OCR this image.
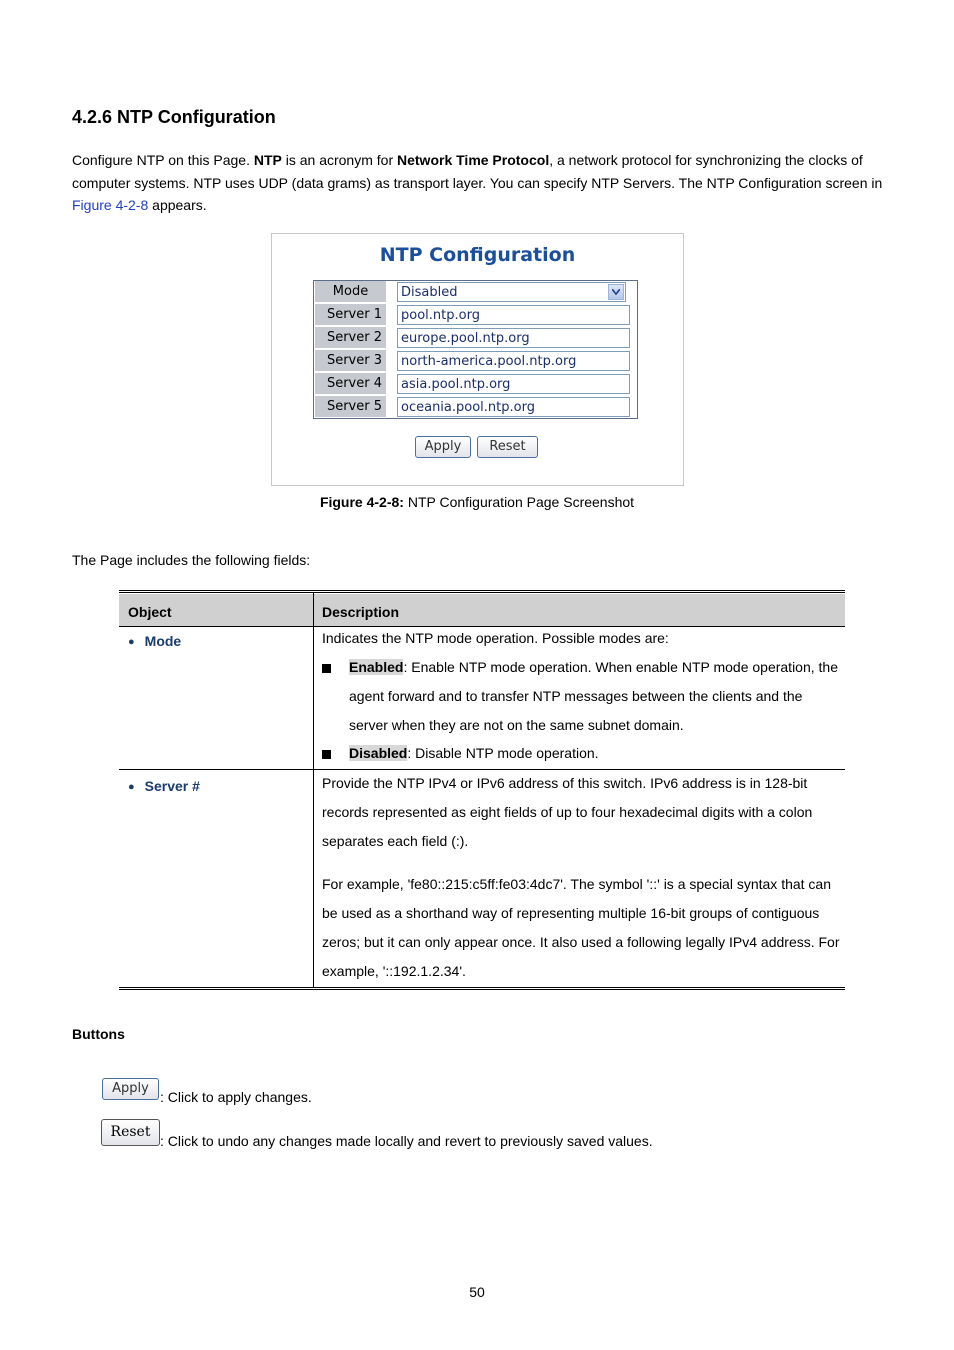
4.2.6 NTP Configuration
Configure NTP on this Page. NTP is an acronym for Network Time Protocol, a network protocol for synchronizing the clocks of computer systems. NTP uses UDP (data grams) as transport layer. You can specify NTP Servers. The NTP Configuration screen in Figure 4-2-8 appears.
NTP Configuration
Mode	Disabled
Server 1	pool.ntp.org
Server 2	europe.pool.ntp.org
Server 3	north-america.pool.ntp.org
Server 4	asia.pool.ntp.org
Server 5	oceania.pool.ntp.org
Apply	Reset
Figure 4-2-8: NTP Configuration Page Screenshot
The Page includes the following fields:
Object	Description
● Mode	Indicates the NTP mode operation. Possible modes are:
Enabled: Enable NTP mode operation. When enable NTP mode operation, the agent forward and to transfer NTP messages between the clients and the server when they are not on the same subnet domain.
Disabled: Disable NTP mode operation.
● Server #	Provide the NTP IPv4 or IPv6 address of this switch. IPv6 address is in 128-bit records represented as eight fields of up to four hexadecimal digits with a colon separates each field (:).
For example, 'fe80::215:c5ff:fe03:4dc7'. The symbol '::' is a special syntax that can be used as a shorthand way of representing multiple 16-bit groups of contiguous zeros; but it can only appear once. It also used a following legally IPv4 address. For example, '::192.1.2.34'.
Buttons
Apply
: Click to apply changes.
Reset
: Click to undo any changes made locally and revert to previously saved values.
50
